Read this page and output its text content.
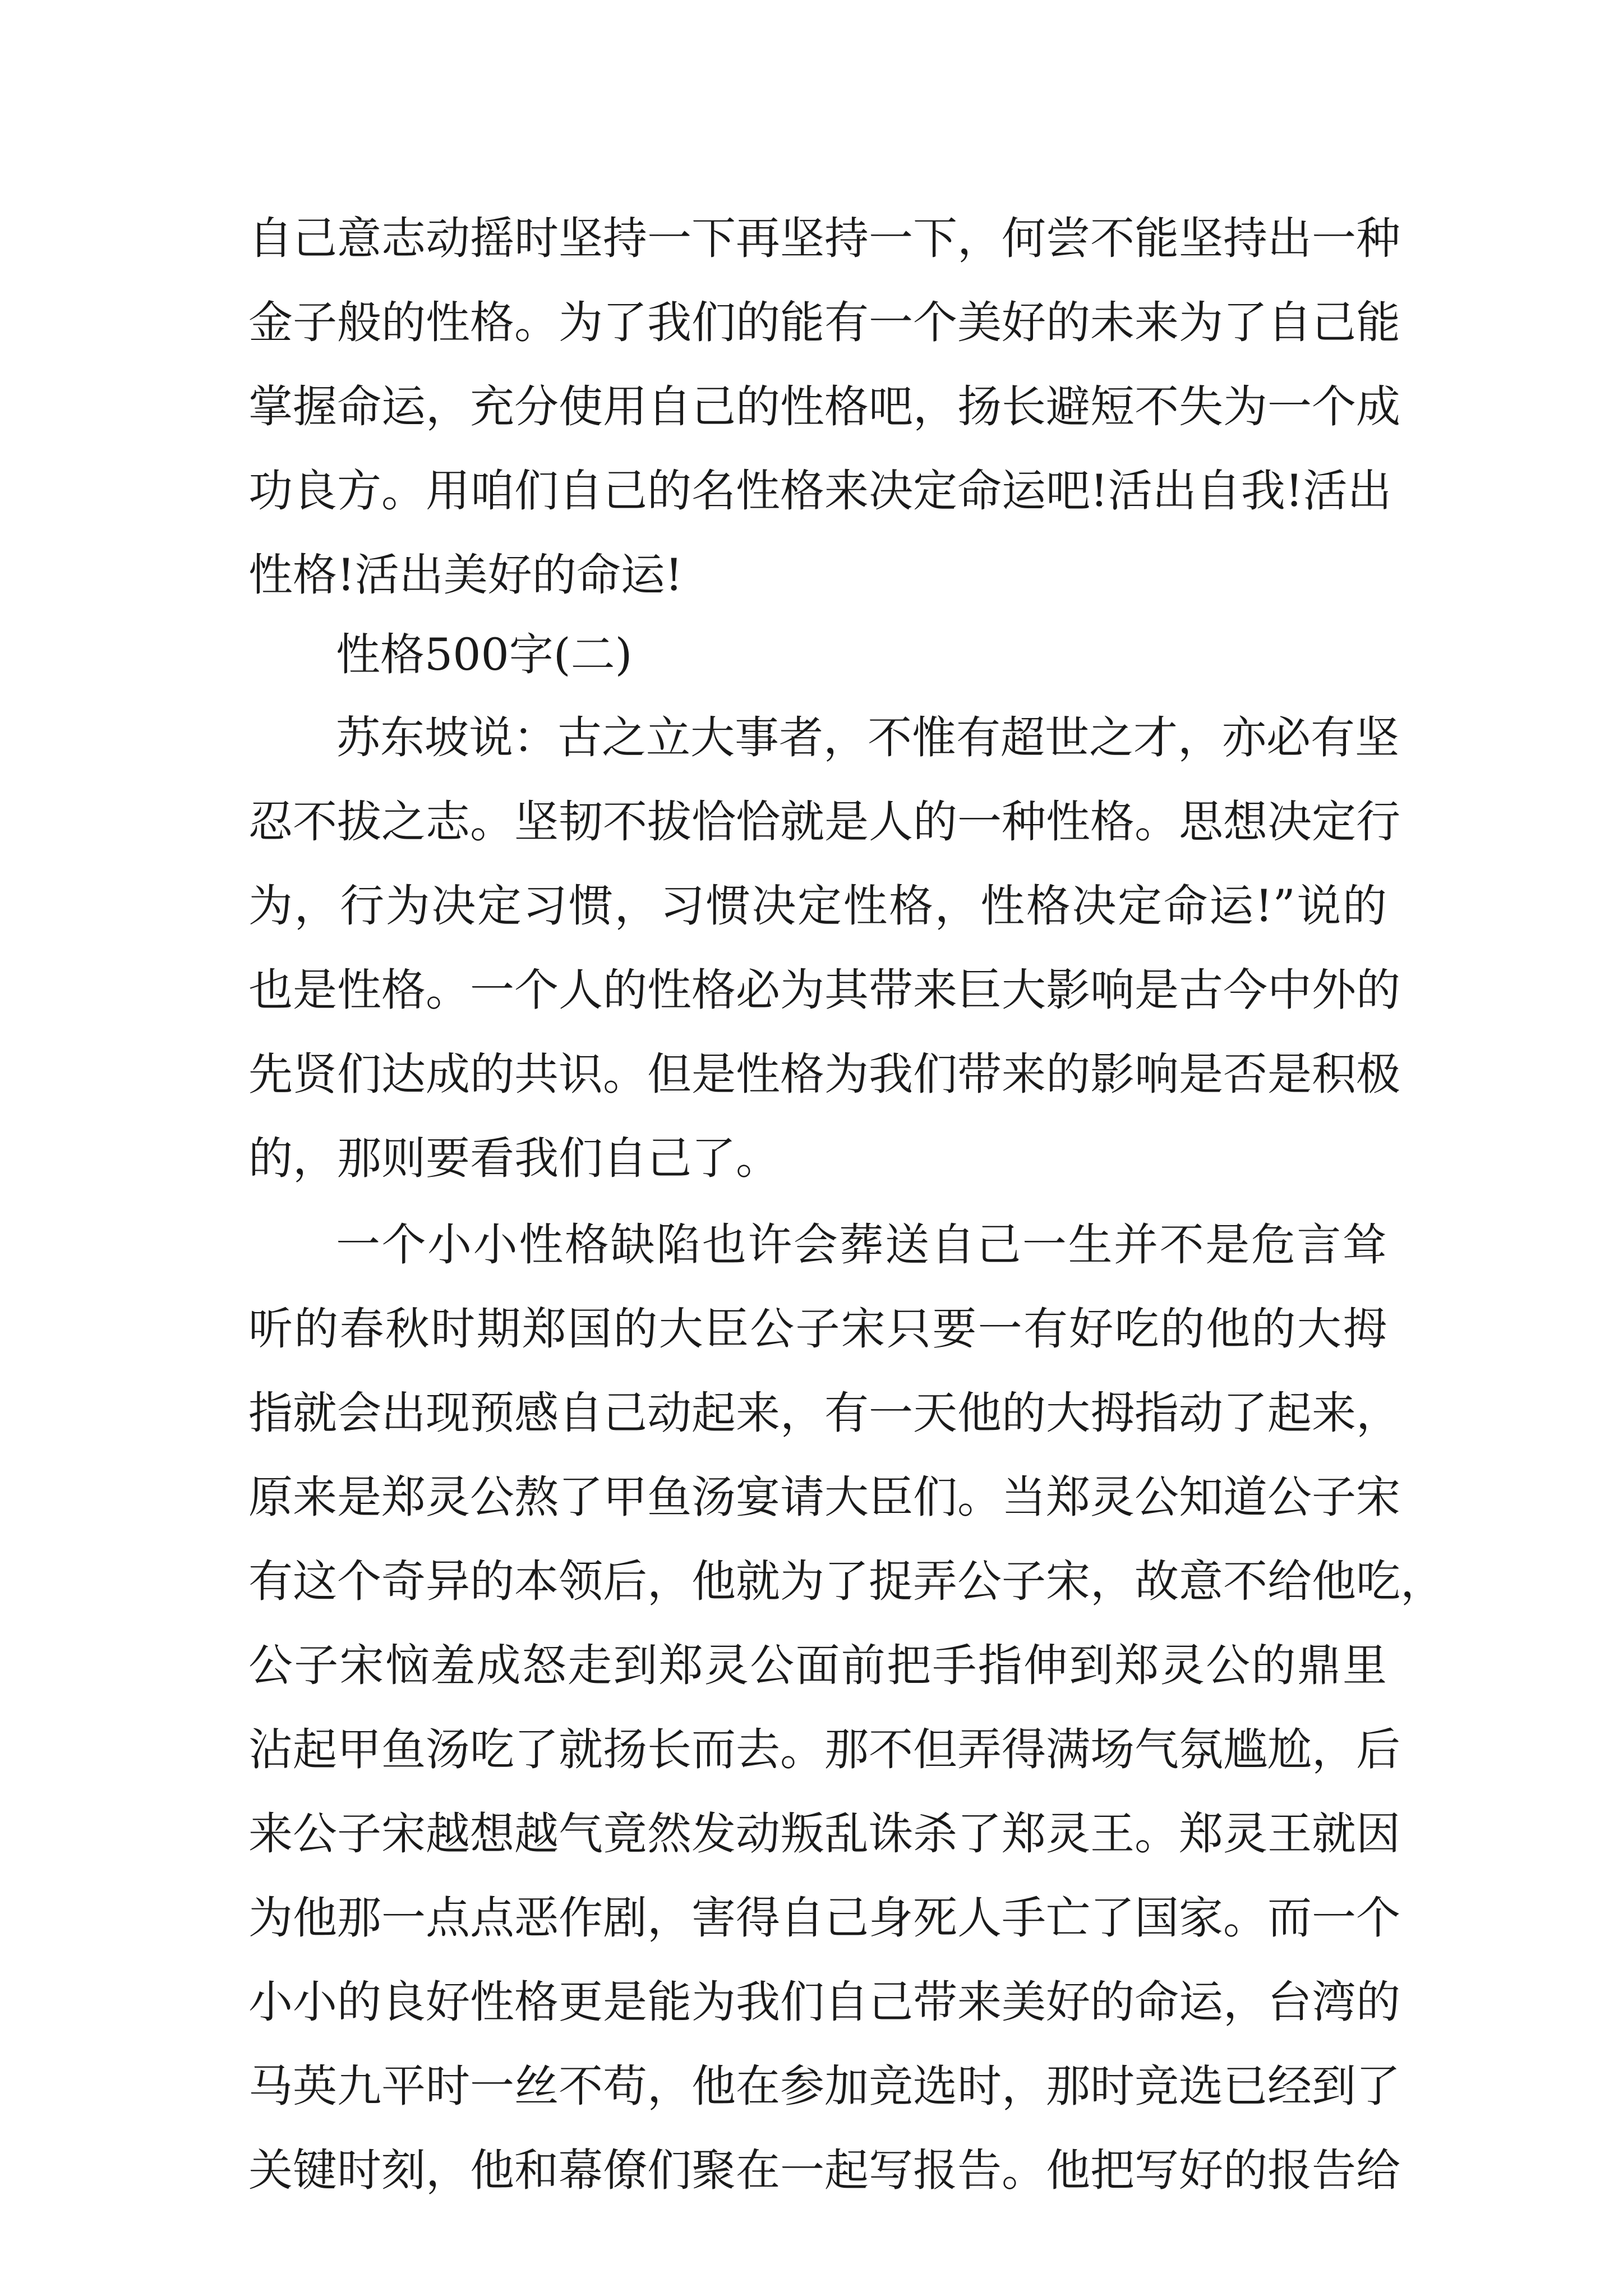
自己意志动摇时坚持一下再坚持一下，何尝不能坚持出一种
金子般的性格。为了我们的能有一个美好的未来为了自己能
掌握命运，充分使用自己的性格吧，扬长避短不失为一个成
功良方。用咱们自己的名性格来决定命运吧!活出自我!活出
性格!活出美好的命运!
性格500字(二)
苏东坡说：古之立大事者，不惟有超世之才，亦必有坚
忍不拔之志。坚韧不拔恰恰就是人的一种性格。思想决定行
为，行为决定习惯，习惯决定性格，性格决定命运!”说的
也是性格。一个人的性格必为其带来巨大影响是古今中外的
先贤们达成的共识。但是性格为我们带来的影响是否是积极
的，那则要看我们自己了。
一个小小性格缺陷也许会葬送自己一生并不是危言耸
听的春秋时期郑国的大臣公子宋只要一有好吃的他的大拇
指就会出现预感自己动起来，有一天他的大拇指动了起来，
原来是郑灵公熬了甲鱼汤宴请大臣们。当郑灵公知道公子宋
有这个奇异的本领后，他就为了捉弄公子宋，故意不给他吃，
公子宋恼羞成怒走到郑灵公面前把手指伸到郑灵公的鼎里
沾起甲鱼汤吃了就扬长而去。那不但弄得满场气氛尴尬，后
来公子宋越想越气竟然发动叛乱诛杀了郑灵王。郑灵王就因
为他那一点点恶作剧，害得自己身死人手亡了国家。而一个
小小的良好性格更是能为我们自己带来美好的命运，台湾的
马英九平时一丝不苟，他在参加竞选时，那时竞选已经到了
关键时刻，他和幕僚们聚在一起写报告。他把写好的报告给
